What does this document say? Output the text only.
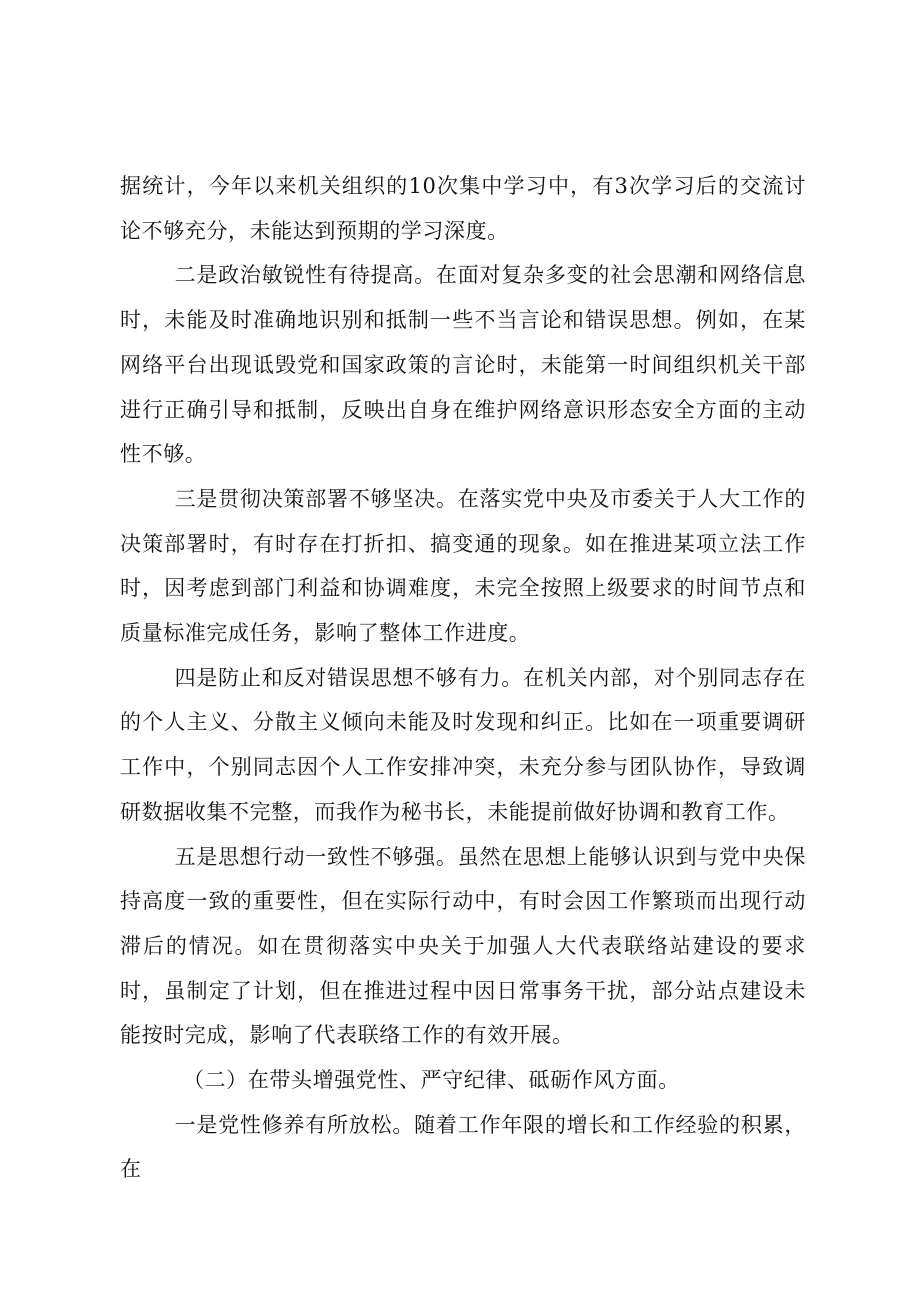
据统计，今年以来机关组织的10次集中学习中，有3次学习后的交流讨论不够充分，未能达到预期的学习深度。

二是政治敏锐性有待提高。在面对复杂多变的社会思潮和网络信息时，未能及时准确地识别和抵制一些不当言论和错误思想。例如，在某网络平台出现诋毁党和国家政策的言论时，未能第一时间组织机关干部进行正确引导和抵制，反映出自身在维护网络意识形态安全方面的主动性不够。

三是贯彻决策部署不够坚决。在落实党中央及市委关于人大工作的决策部署时，有时存在打折扣、搞变通的现象。如在推进某项立法工作时，因考虑到部门利益和协调难度，未完全按照上级要求的时间节点和质量标准完成任务，影响了整体工作进度。

四是防止和反对错误思想不够有力。在机关内部，对个别同志存在的个人主义、分散主义倾向未能及时发现和纠正。比如在一项重要调研工作中，个别同志因个人工作安排冲突，未充分参与团队协作，导致调研数据收集不完整，而我作为秘书长，未能提前做好协调和教育工作。

五是思想行动一致性不够强。虽然在思想上能够认识到与党中央保持高度一致的重要性，但在实际行动中，有时会因工作繁琐而出现行动滞后的情况。如在贯彻落实中央关于加强人大代表联络站建设的要求时，虽制定了计划，但在推进过程中因日常事务干扰，部分站点建设未能按时完成，影响了代表联络工作的有效开展。

（二）在带头增强党性、严守纪律、砥砺作风方面。

一是党性修养有所放松。随着工作年限的增长和工作经验的积累，在
